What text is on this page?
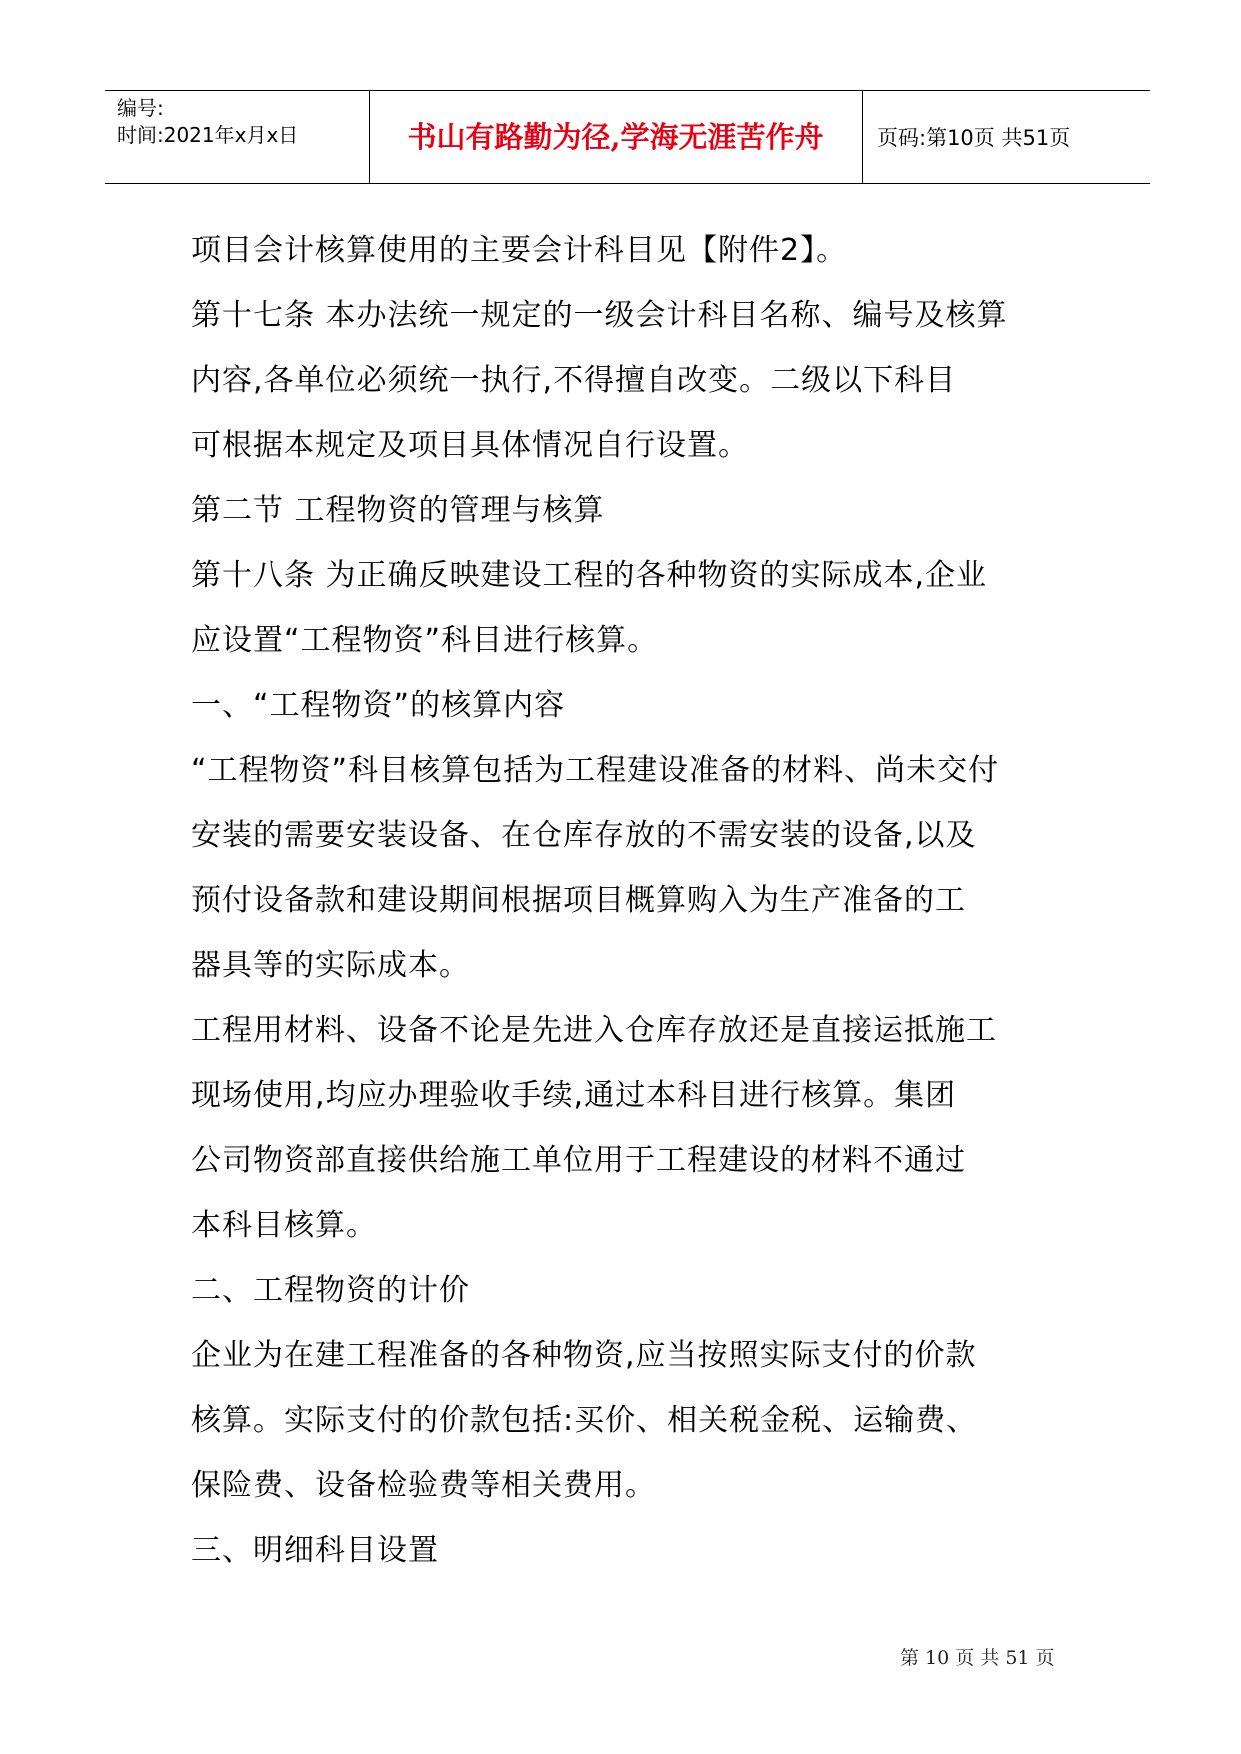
编号:
时间:2021年x月x日	书山有路勤为径,学海无涯苦作舟	页码:第10页 共51页
项目会计核算使用的主要会计科目见【附件2】。
第十七条 本办法统一规定的一级会计科目名称、编号及核算
内容,各单位必须统一执行,不得擅自改变。二级以下科目
可根据本规定及项目具体情况自行设置。
第二节 工程物资的管理与核算
第十八条 为正确反映建设工程的各种物资的实际成本,企业
应设置“工程物资”科目进行核算。
一、“工程物资”的核算内容
“工程物资”科目核算包括为工程建设准备的材料、尚未交付
安装的需要安装设备、在仓库存放的不需安装的设备,以及
预付设备款和建设期间根据项目概算购入为生产准备的工
器具等的实际成本。
工程用材料、设备不论是先进入仓库存放还是直接运抵施工
现场使用,均应办理验收手续,通过本科目进行核算。集团
公司物资部直接供给施工单位用于工程建设的材料不通过
本科目核算。
二、工程物资的计价
企业为在建工程准备的各种物资,应当按照实际支付的价款
核算。实际支付的价款包括:买价、相关税金税、运输费、
保险费、设备检验费等相关费用。
三、明细科目设置
第 10 页 共 51 页
